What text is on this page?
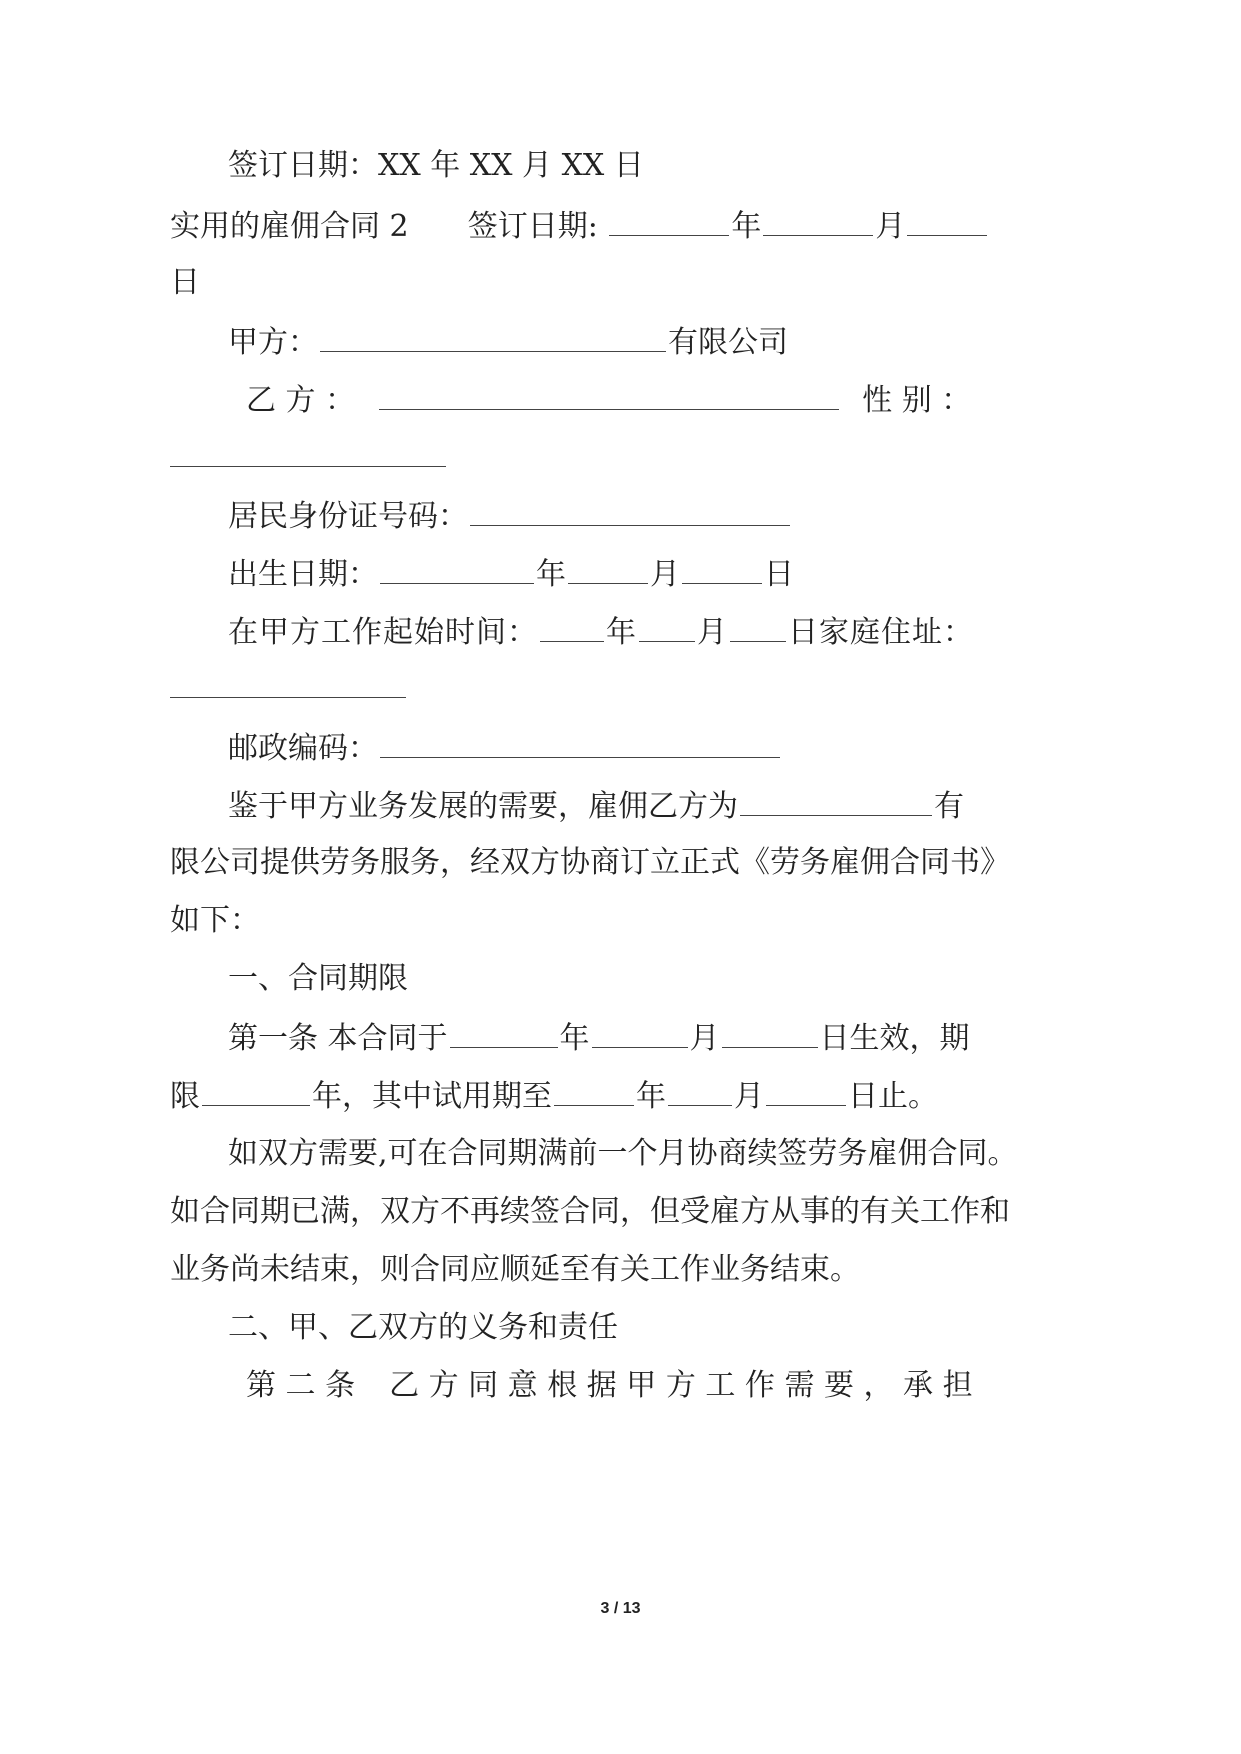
签订日期：XX 年 XX 月 XX 日
实用的雇佣合同 2 签订日期:	年	月
日
甲方：	有限公司
乙 方 ：	性 别 ：
居民身份证号码：
出生日期：	年	月	日
在甲方工作起始时间： 年 月 日家庭住址：
邮政编码：
鉴于甲方业务发展的需要，雇佣乙方为	有
限公司提供劳务服务，经双方协商订立正式《劳务雇佣合同书》
如下：
一、合同期限
第一条 本合同于	年	月	日生效，期
限	年，其中试用期至	年 月	日止。
如双方需要,可在合同期满前一个月协商续签劳务雇佣合同。
如合同期已满，双方不再续签合同，但受雇方从事的有关工作和
业务尚未结束，则合同应顺延至有关工作业务结束。
二、甲、乙双方的义务和责任
第 二 条 乙 方 同 意 根 据 甲 方 工 作 需 要 ， 承 担
3 / 13
